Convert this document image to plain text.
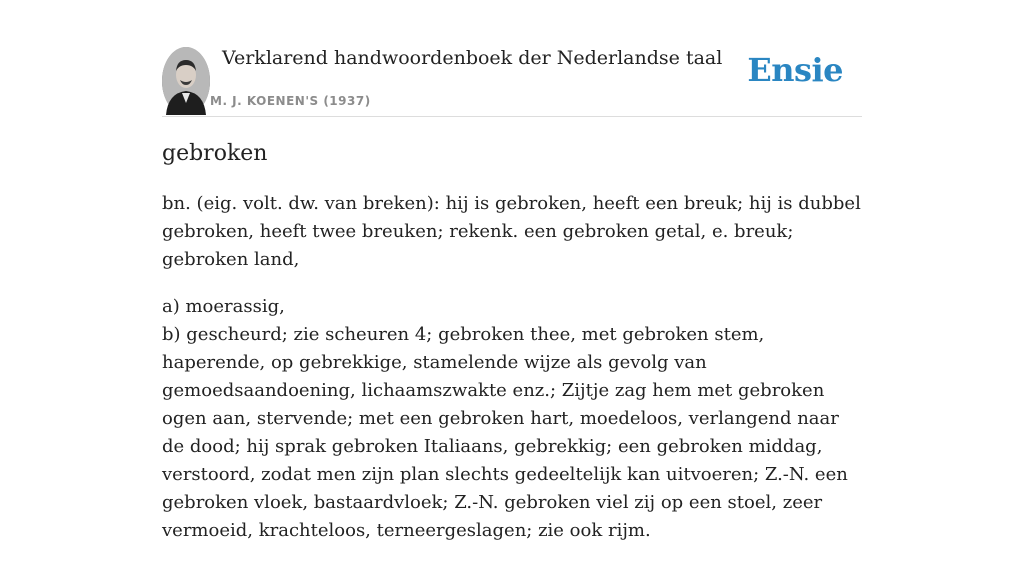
Verklarend handwoordenboek der Nederlandse taal
M. J. KOENEN'S (1937)
Ensie
gebroken

bn. (eig. volt. dw. van breken): hij is gebroken, heeft een breuk; hij is dubbel gebroken, heeft twee breuken; rekenk. een gebroken getal, e. breuk; gebroken land,

a) moerassig,
b) gescheurd; zie scheuren 4; gebroken thee, met gebroken stem, haperende, op gebrekkige, stamelende wijze als gevolg van gemoedsaandoening, lichaamszwakte enz.; Zijtje zag hem met gebroken ogen aan, stervende; met een gebroken hart, moedeloos, verlangend naar de dood; hij sprak gebroken Italiaans, gebrekkig; een gebroken middag, verstoord, zodat men zijn plan slechts gedeeltelijk kan uitvoeren; Z.-N. een gebroken vloek, bastaardvloek; Z.-N. gebroken viel zij op een stoel, zeer vermoeid, krachteloos, terneergeslagen; zie ook rijm.
